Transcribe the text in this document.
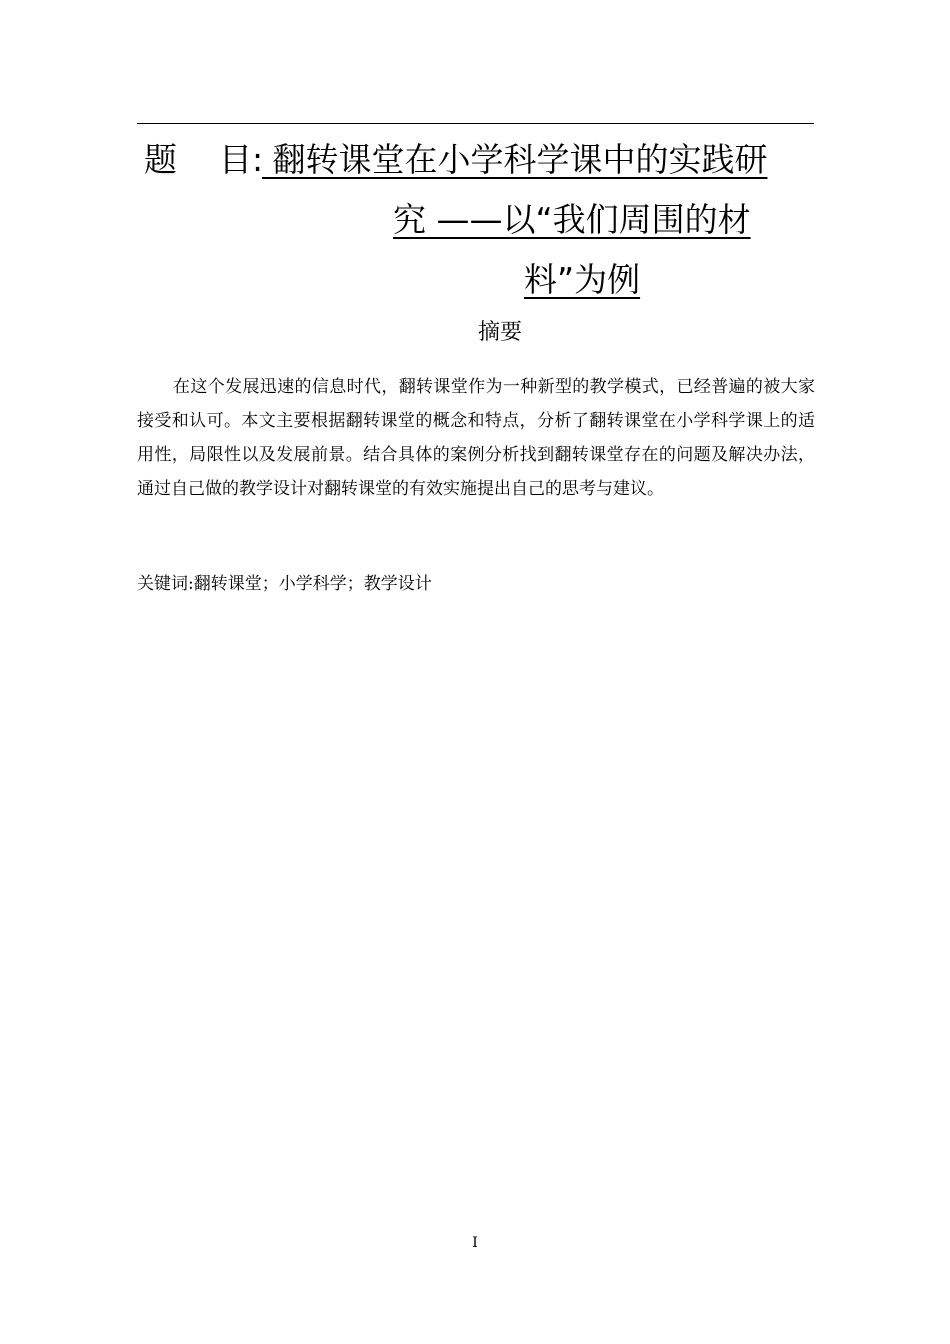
题    目:
翻转课堂在小学科学课中的实践研
究 ——以“我们周围的材
料”为例
摘要
在这个发展迅速的信息时代，翻转课堂作为一种新型的教学模式，已经普遍的被大家接受和认可。本文主要根据翻转课堂的概念和特点，分析了翻转课堂在小学科学课上的适用性，局限性以及发展前景。结合具体的案例分析找到翻转课堂存在的问题及解决办法，通过自己做的教学设计对翻转课堂的有效实施提出自己的思考与建议。
关键词:翻转课堂；小学科学；教学设计
I
